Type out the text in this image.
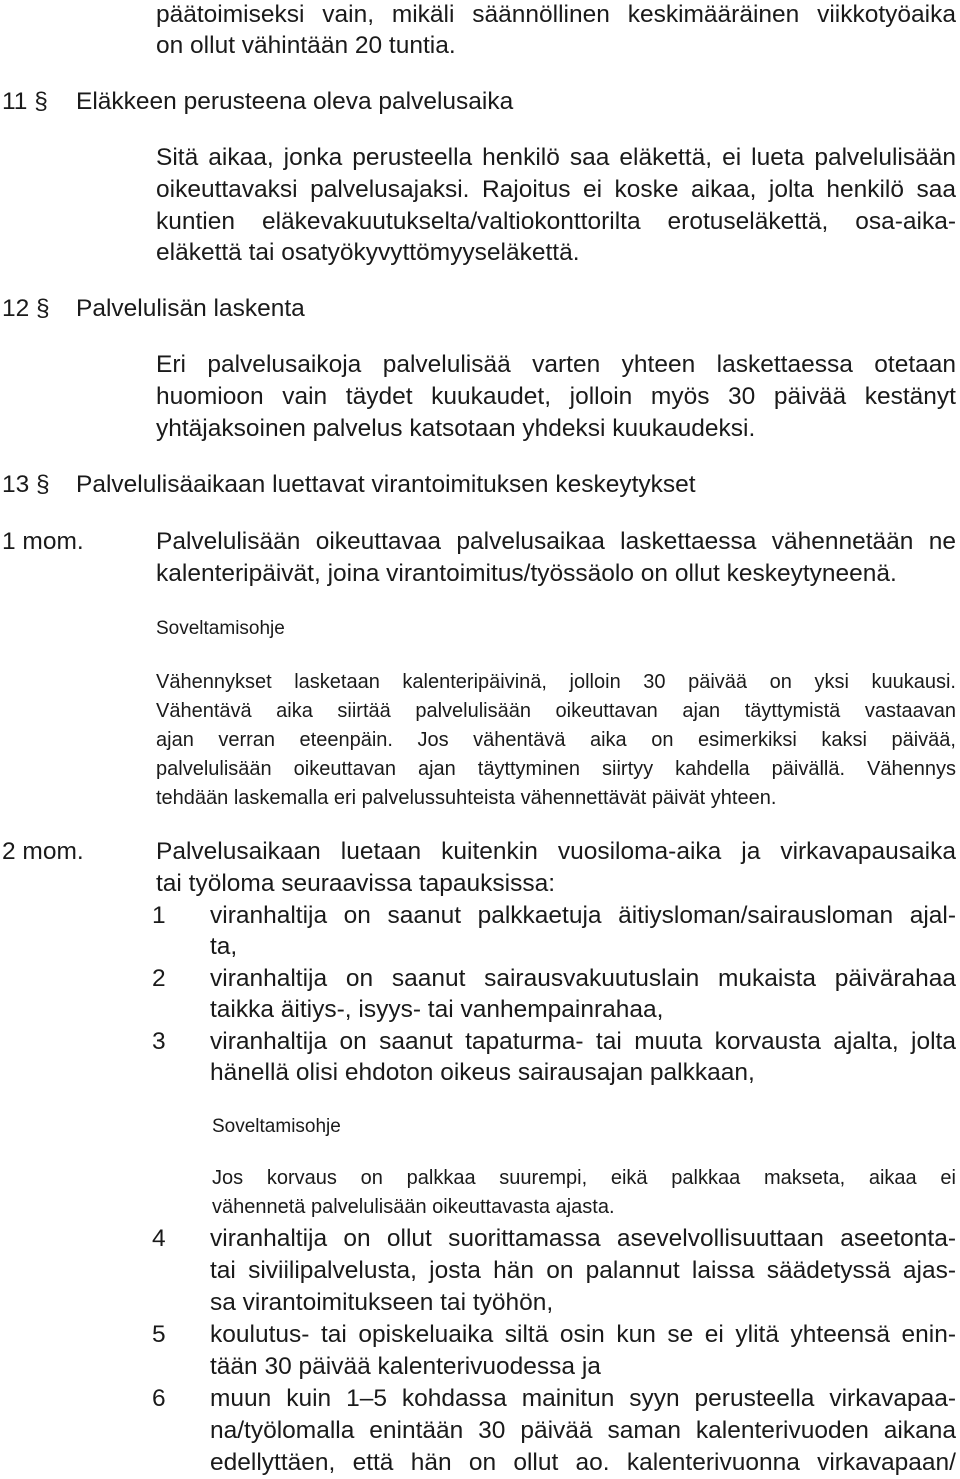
päätoimiseksi vain, mikäli säännöllinen keskimääräinen viikkotyöaika
on ollut vähintään 20 tuntia.
11 § Eläkkeen perusteena oleva palvelusaika
Sitä aikaa, jonka perusteella henkilö saa eläkettä, ei lueta palvelulisään
oikeuttavaksi palvelusajaksi. Rajoitus ei koske aikaa, jolta henkilö saa
kuntien eläkevakuutukselta/valtiokonttorilta erotuseläkettä, osa-aika-
eläkettä tai osatyökyvyttömyyseläkettä.
12 § Palvelulisän laskenta
Eri palvelusaikoja palvelulisää varten yhteen laskettaessa otetaan
huomioon vain täydet kuukaudet, jolloin myös 30 päivää kestänyt
yhtäjaksoinen palvelus katsotaan yhdeksi kuukaudeksi.
13 § Palvelulisäaikaan luettavat virantoimituksen keskeytykset
1 mom.	Palvelulisään oikeuttavaa palvelusaikaa laskettaessa vähennetään ne
kalenteripäivät, joina virantoimitus/työssäolo on ollut keskeytyneenä.
Soveltamisohje
Vähennykset lasketaan kalenteripäivinä, jolloin 30 päivää on yksi kuukausi.
Vähentävä aika siirtää palvelulisään oikeuttavan ajan täyttymistä vastaavan
ajan verran eteenpäin. Jos vähentävä aika on esimerkiksi kaksi päivää,
palvelulisään oikeuttavan ajan täyttyminen siirtyy kahdella päivällä. Vähennys
tehdään laskemalla eri palvelussuhteista vähennettävät päivät yhteen.
2 mom.	Palvelusaikaan luetaan kuitenkin vuosiloma-aika ja virkavapausaika
tai työloma seuraavissa tapauksissa:
1 viranhaltija on saanut palkkaetuja äitiysloman/sairausloman ajal-
ta,
2 viranhaltija on saanut sairausvakuutuslain mukaista päivärahaa
taikka äitiys-, isyys- tai vanhempainrahaa,
3 viranhaltija on saanut tapaturma- tai muuta korvausta ajalta, jolta
hänellä olisi ehdoton oikeus sairausajan palkkaan,
Soveltamisohje
Jos korvaus on palkkaa suurempi, eikä palkkaa makseta, aikaa ei
vähennetä palvelulisään oikeuttavasta ajasta.
4 viranhaltija on ollut suorittamassa asevelvollisuuttaan aseetonta-
tai siviilipalvelusta, josta hän on palannut laissa säädetyssä ajas-
sa virantoimitukseen tai työhön,
5 koulutus- tai opiskeluaika siltä osin kun se ei ylitä yhteensä enin-
tään 30 päivää kalenterivuodessa ja
6 muun kuin 1–5 kohdassa mainitun syyn perusteella virkavapaa-
na/työlomalla enintään 30 päivää saman kalenterivuoden aikana
edellyttäen, että hän on ollut ao. kalenterivuonna virkavapaan/
